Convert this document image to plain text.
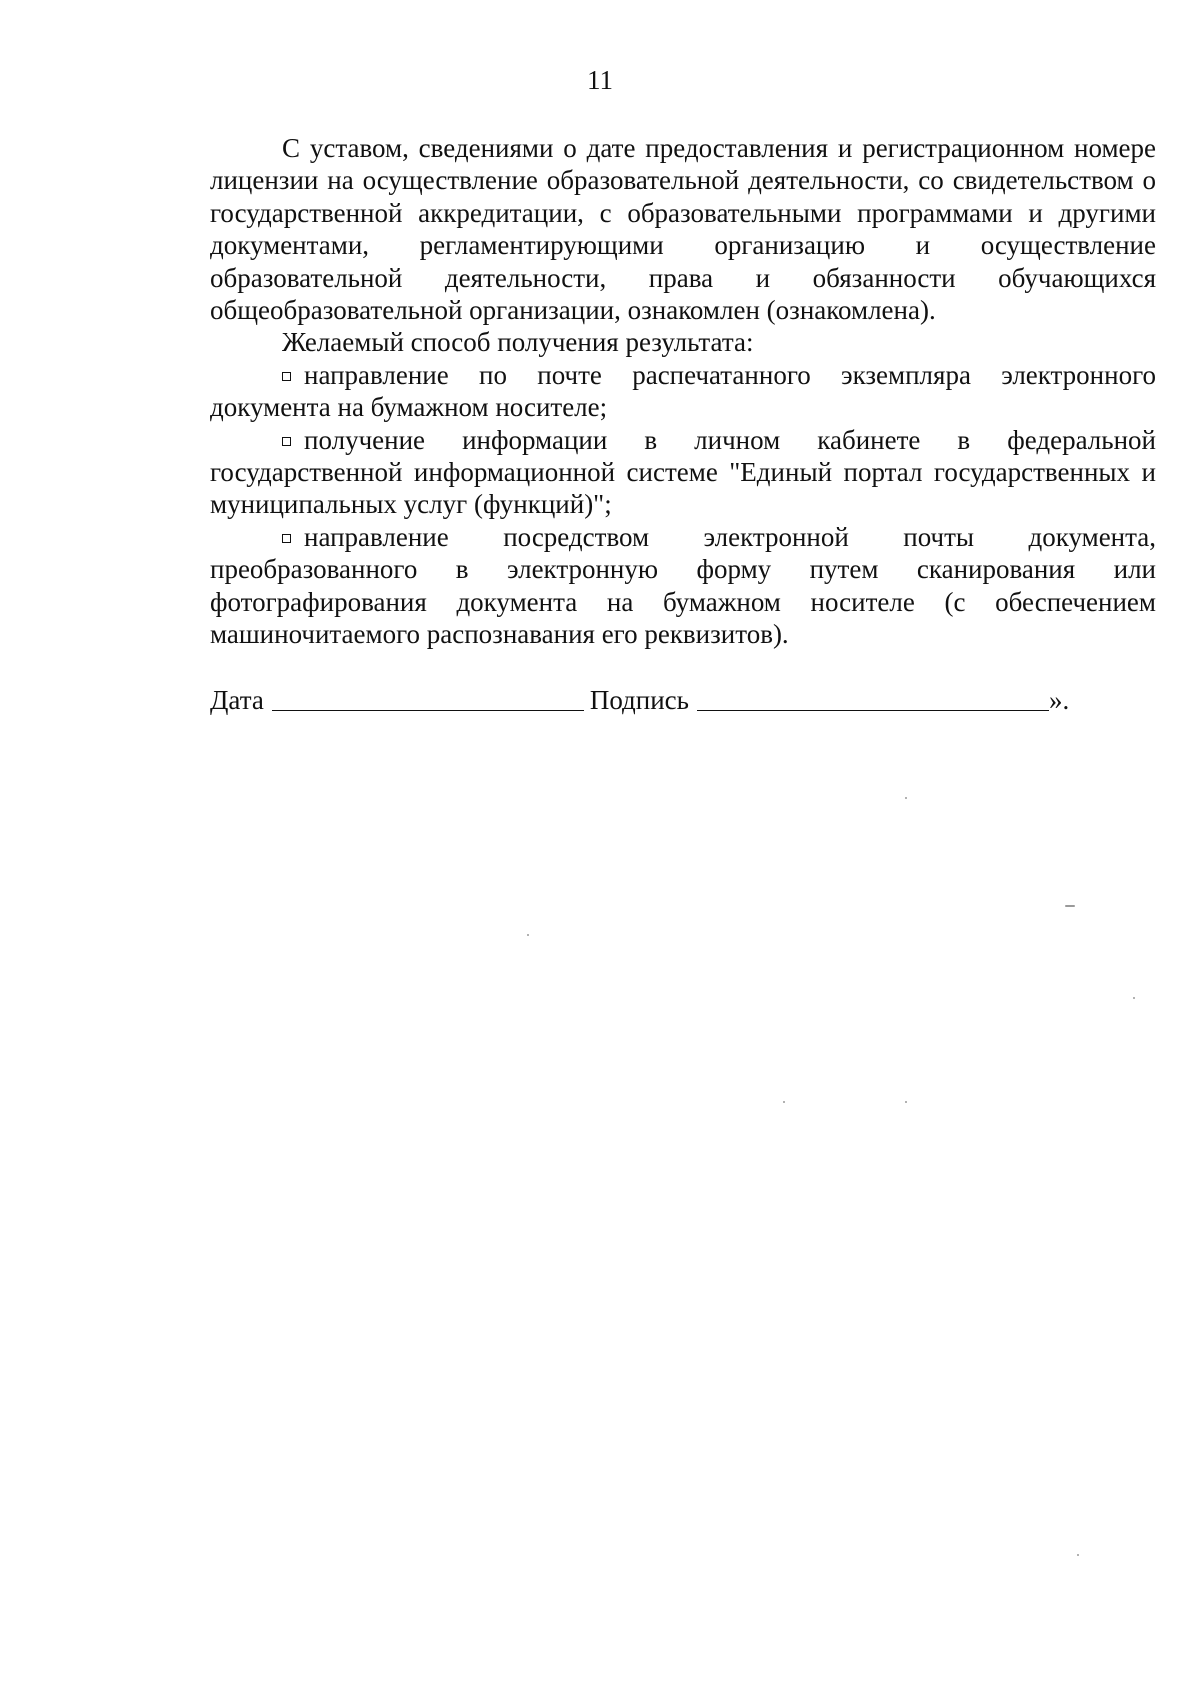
11

С уставом, сведениями о дате предоставления и регистрационном номере лицензии на осуществление образовательной деятельности, со свидетельством о государственной аккредитации, с образовательными программами и другими документами, регламентирующими организацию и осуществление образовательной деятельности, права и обязанности обучающихся общеобразовательной организации, ознакомлен (ознакомлена).

Желаемый способ получения результата:

направление по почте распечатанного экземпляра электронного документа на бумажном носителе;

получение информации в личном кабинете в федеральной государственной информационной системе "Единый портал государственных и муниципальных услуг (функций)";

направление посредством электронной почты документа, преобразованного в электронную форму путем сканирования или фотографирования документа на бумажном носителе (с обеспечением машиночитаемого распознавания его реквизитов).

Дата	Подпись	».
